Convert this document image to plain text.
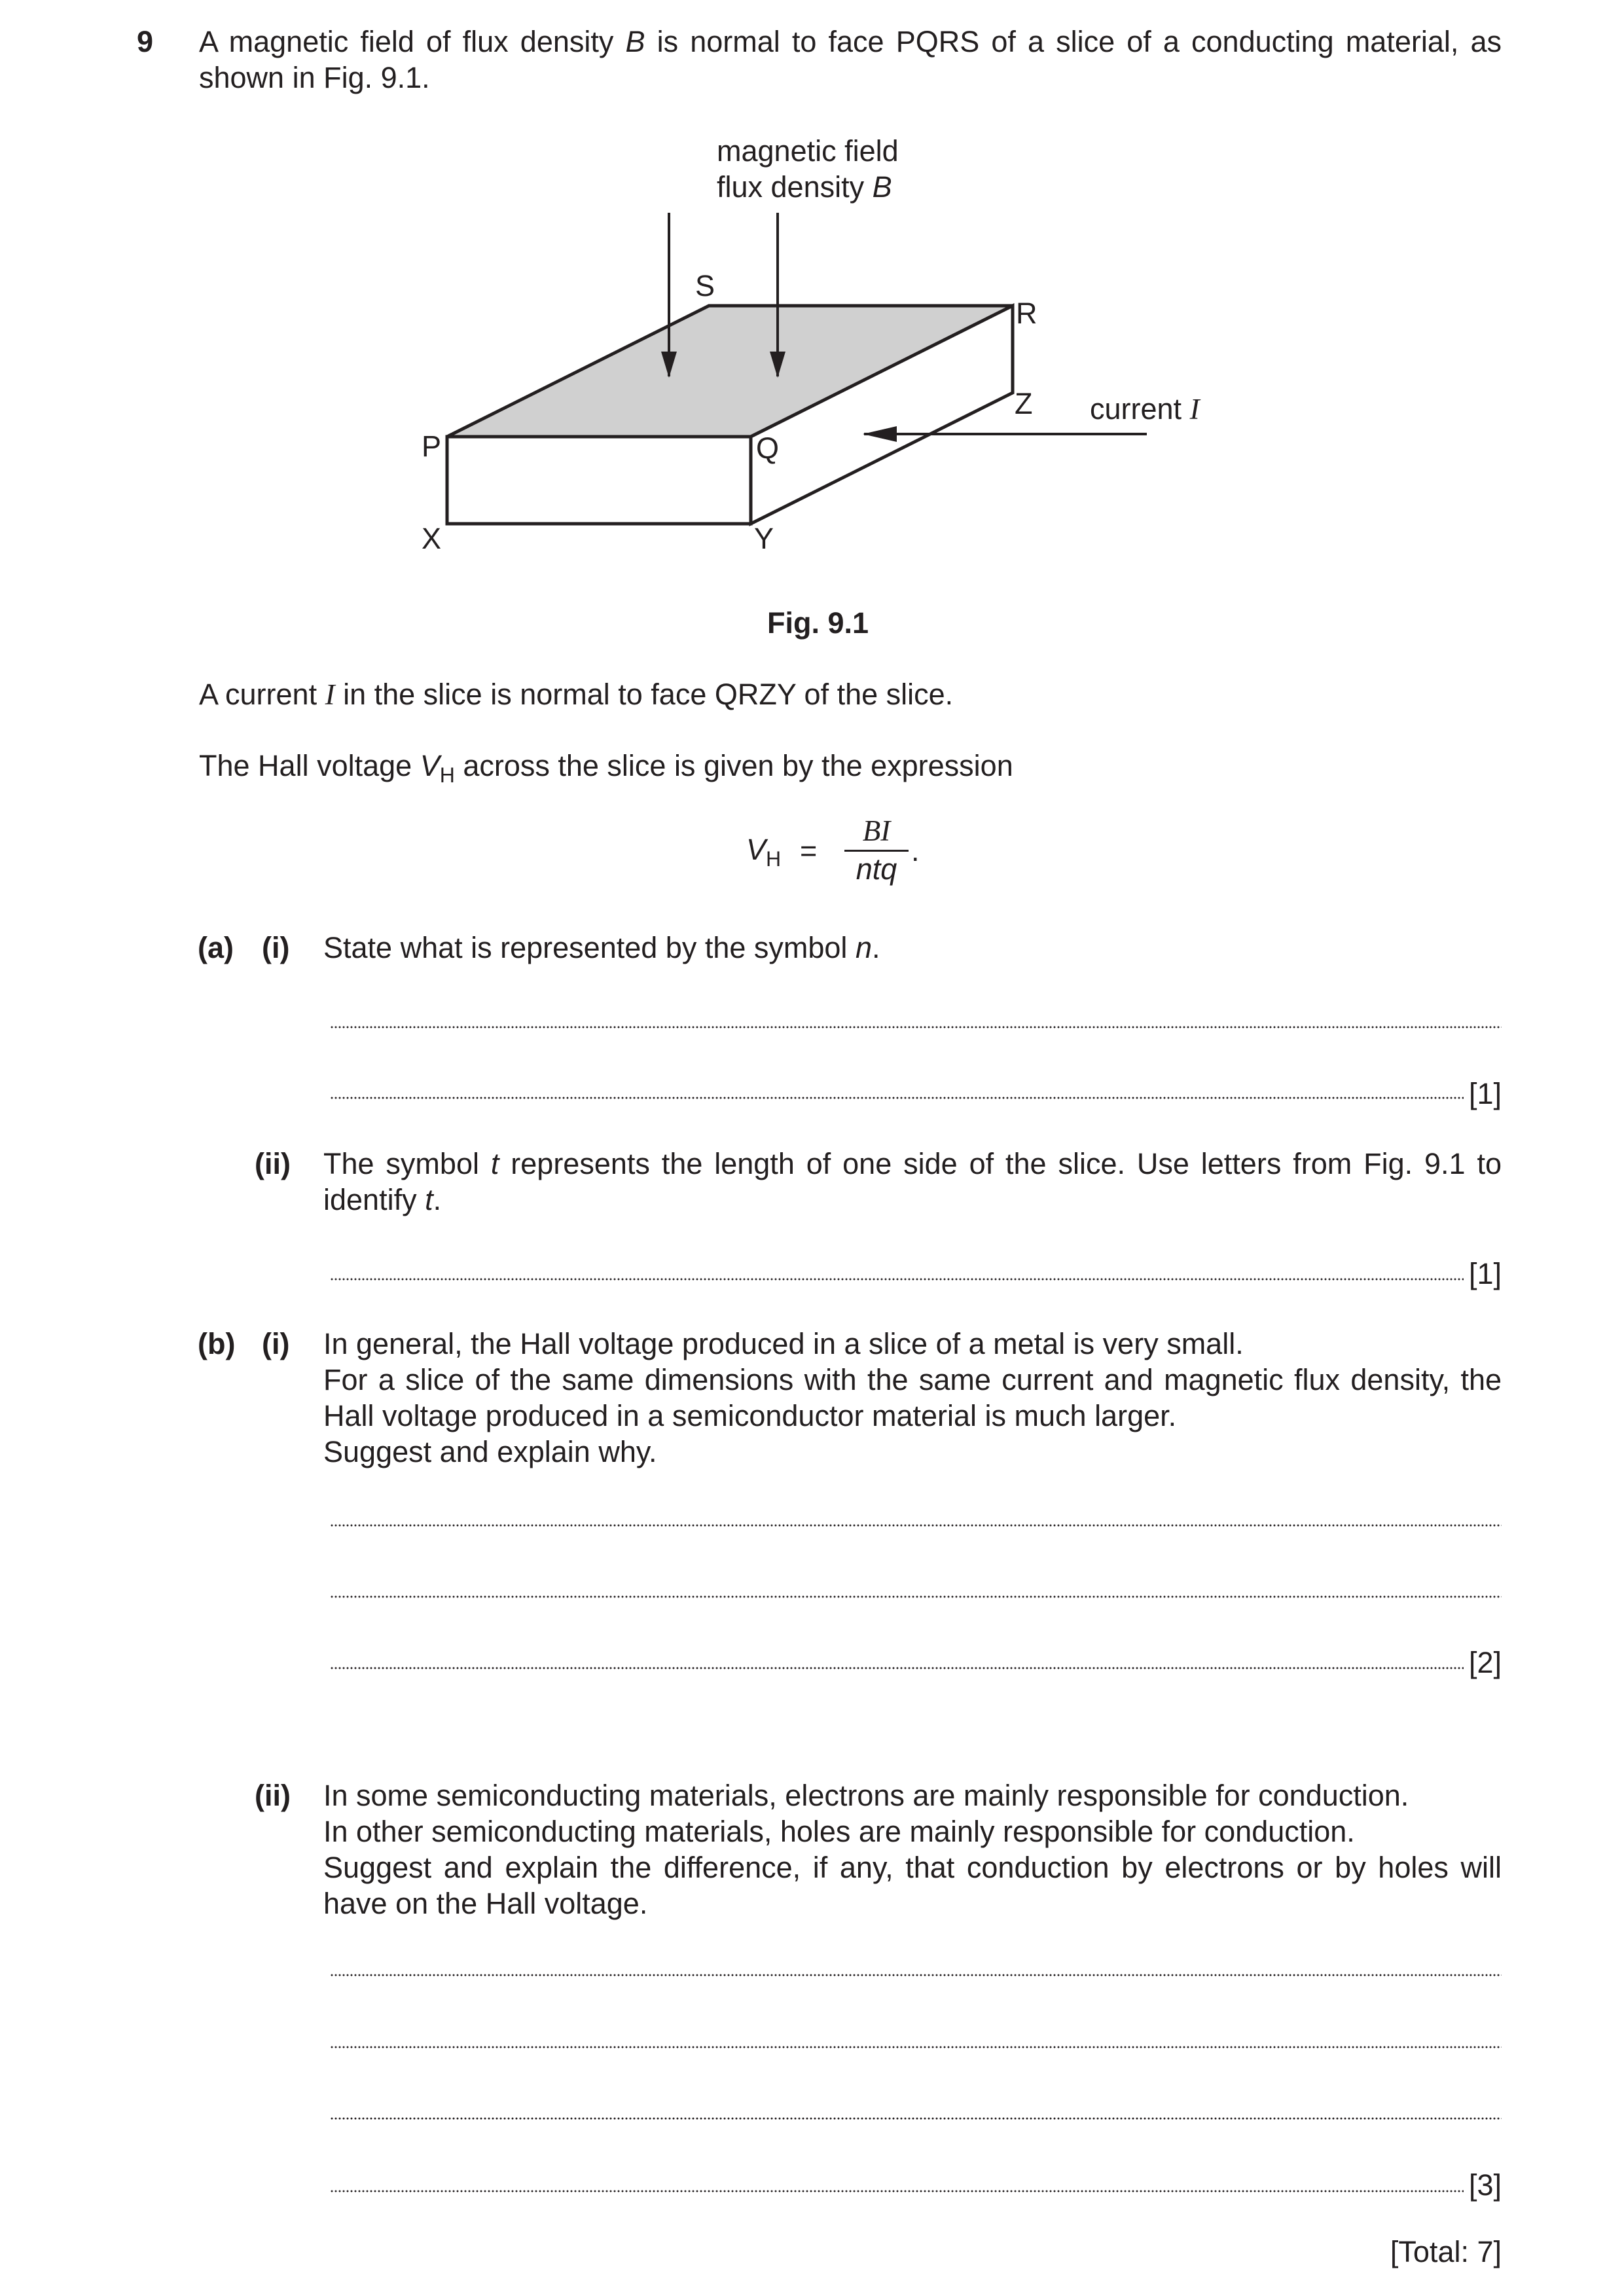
9 A magnetic field of flux density B is normal to face PQRS of a slice of a conducting material, as shown in Fig. 9.1.
magnetic field
flux density B
current I
S
R
Z
P	Q
X	Y
Fig. 9.1
A current I in the slice is normal to face QRZY of the slice.
The Hall voltage $V_H$ across the slice is given by the expression
$V_H$ =
BI
ntq
.
(a) (i) State what is represented by the symbol n.
[1]
(ii) The symbol t represents the length of one side of the slice. Use letters from Fig. 9.1 to identify t.
[1]
(b) (i) In general, the Hall voltage produced in a slice of a metal is very small.
For a slice of the same dimensions with the same current and magnetic flux density, the Hall voltage produced in a semiconductor material is much larger.
Suggest and explain why.
[2]
(ii) In some semiconducting materials, electrons are mainly responsible for conduction.
In other semiconducting materials, holes are mainly responsible for conduction.
Suggest and explain the difference, if any, that conduction by electrons or by holes will have on the Hall voltage.
[3]
[Total: 7]
